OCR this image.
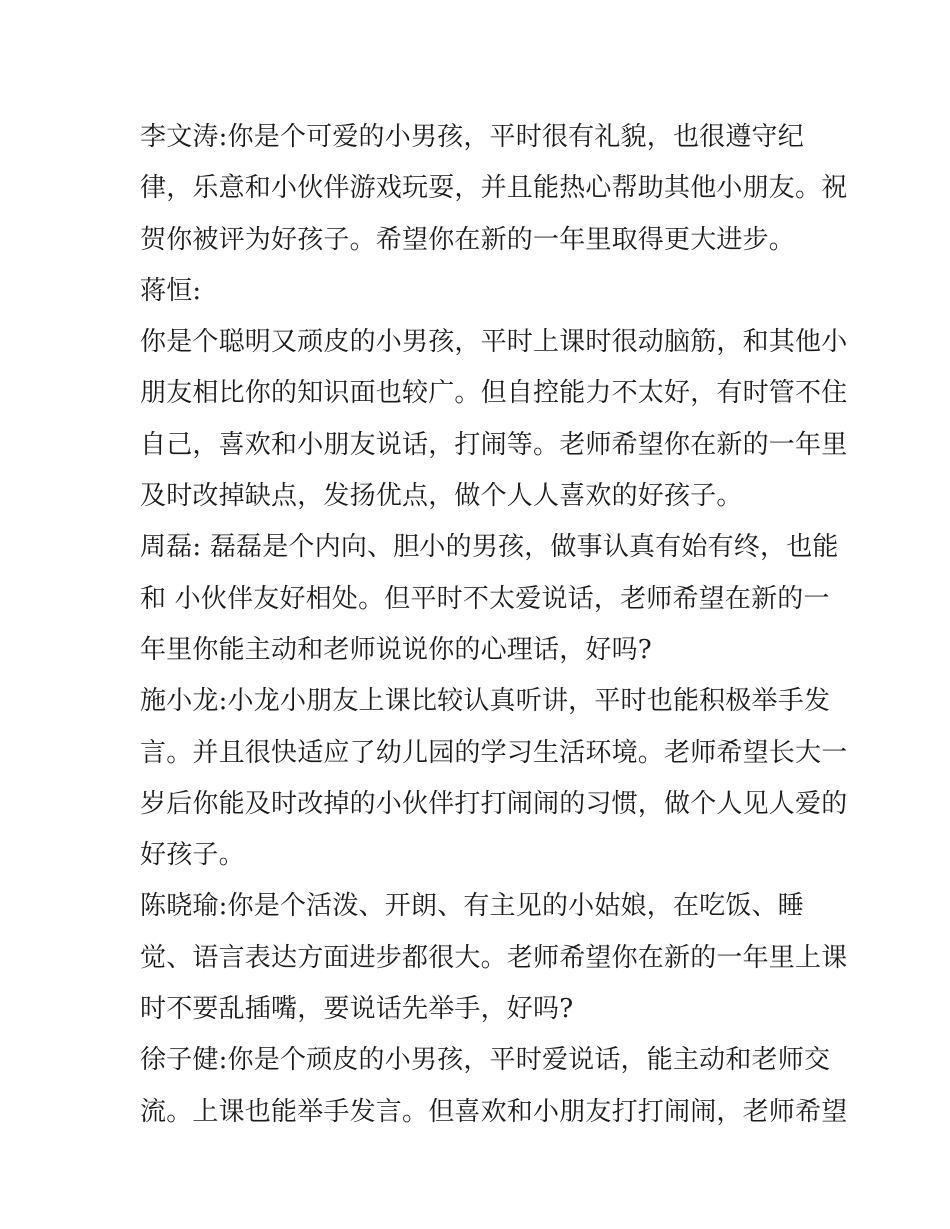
李文涛:你是个可爱的小男孩，平时很有礼貌，也很遵守纪
律，乐意和小伙伴游戏玩耍，并且能热心帮助其他小朋友。祝
贺你被评为好孩子。希望你在新的一年里取得更大进步。
蒋恒:
你是个聪明又顽皮的小男孩，平时上课时很动脑筋，和其他小
朋友相比你的知识面也较广。但自控能力不太好，有时管不住
自己，喜欢和小朋友说话，打闹等。老师希望你在新的一年里
及时改掉缺点，发扬优点，做个人人喜欢的好孩子。
周磊: 磊磊是个内向、胆小的男孩，做事认真有始有终，也能
和 小伙伴友好相处。但平时不太爱说话，老师希望在新的一
年里你能主动和老师说说你的心理话，好吗?
施小龙:小龙小朋友上课比较认真听讲，平时也能积极举手发
言。并且很快适应了幼儿园的学习生活环境。老师希望长大一
岁后你能及时改掉的小伙伴打打闹闹的习惯，做个人见人爱的
好孩子。
陈晓瑜:你是个活泼、开朗、有主见的小姑娘，在吃饭、睡
觉、语言表达方面进步都很大。老师希望你在新的一年里上课
时不要乱插嘴，要说话先举手，好吗?
徐子健:你是个顽皮的小男孩，平时爱说话，能主动和老师交
流。上课也能举手发言。但喜欢和小朋友打打闹闹，老师希望
